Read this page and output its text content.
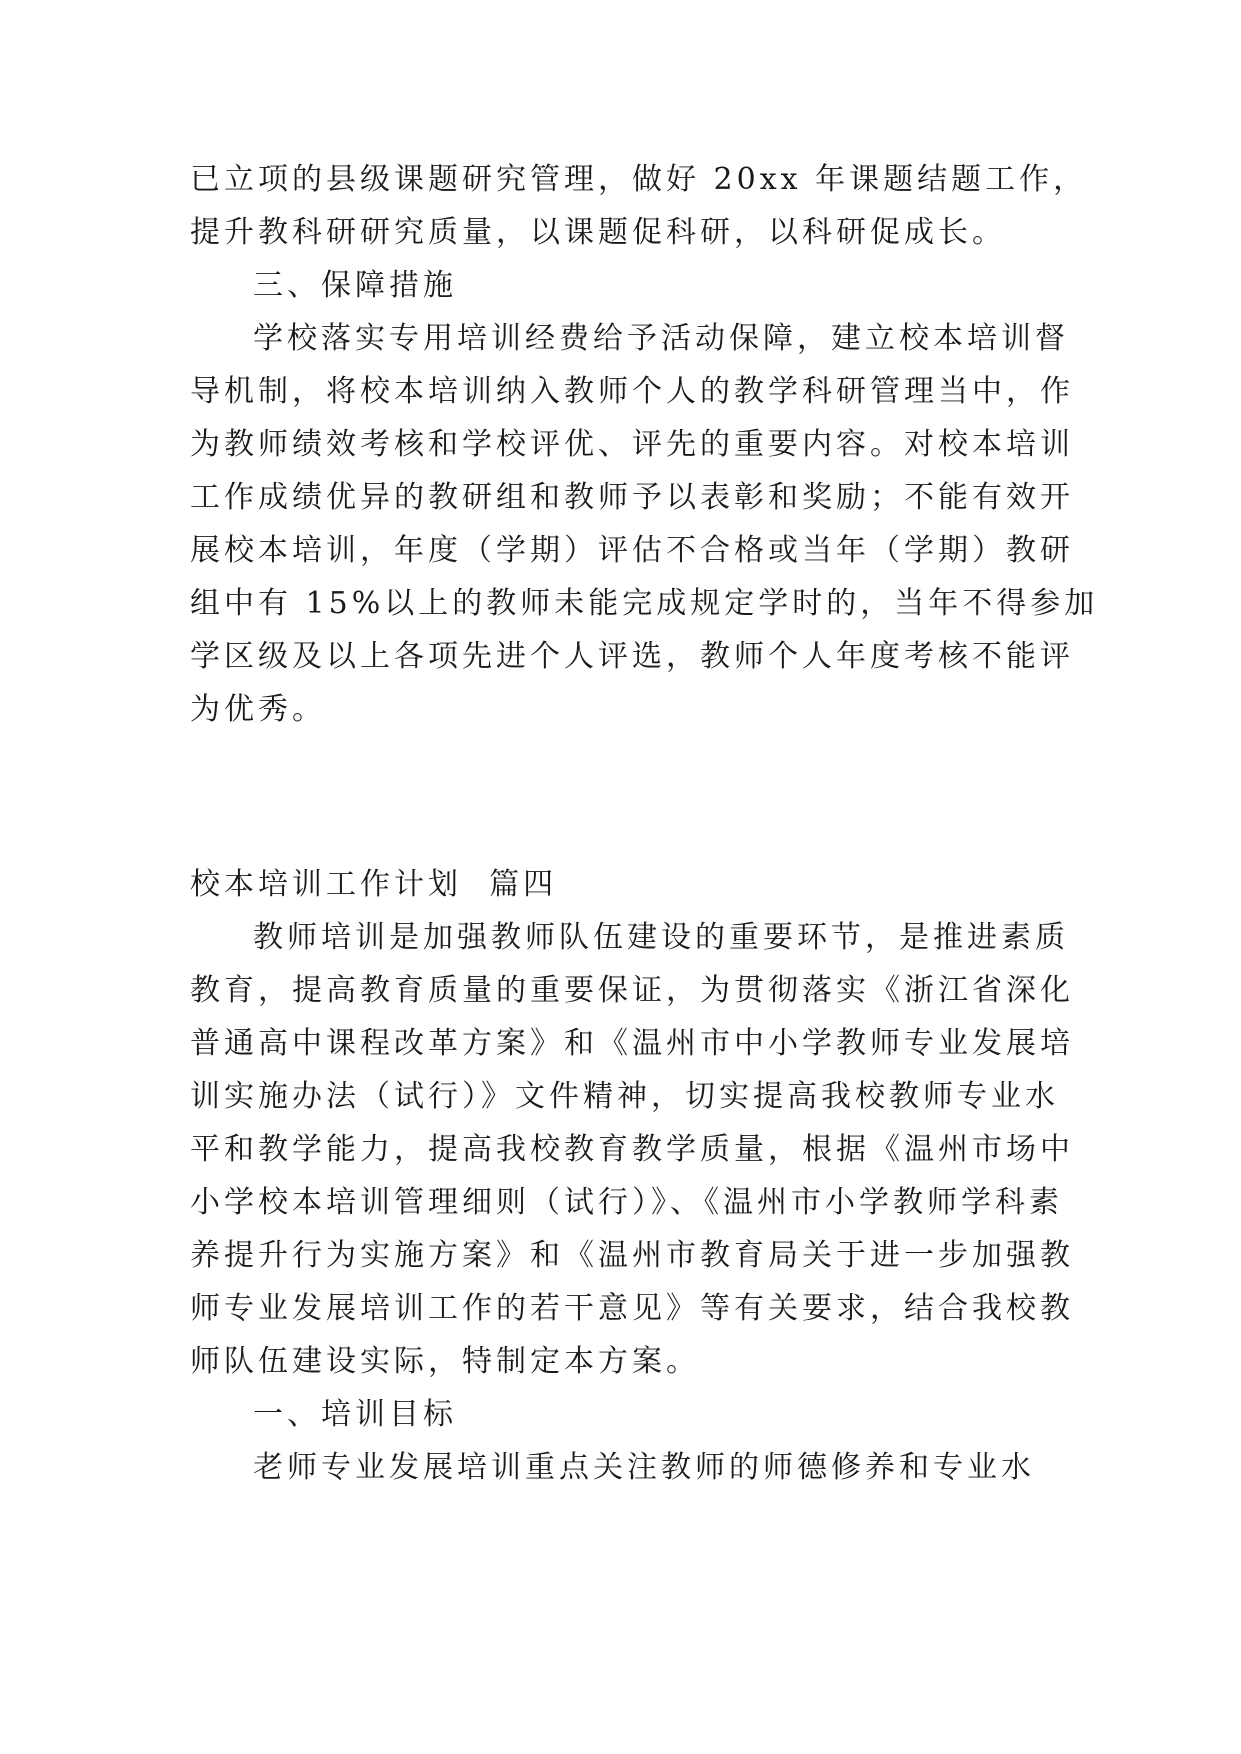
已立项的县级课题研究管理，做好 20xx 年课题结题工作，
提升教科研研究质量，以课题促科研，以科研促成长。
三、保障措施
学校落实专用培训经费给予活动保障，建立校本培训督
导机制，将校本培训纳入教师个人的教学科研管理当中，作
为教师绩效考核和学校评优、评先的重要内容。对校本培训
工作成绩优异的教研组和教师予以表彰和奖励；不能有效开
展校本培训，年度（学期）评估不合格或当年（学期）教研
组中有 15%以上的教师未能完成规定学时的，当年不得参加
学区级及以上各项先进个人评选，教师个人年度考核不能评
为优秀。
校本培训工作计划  篇四
教师培训是加强教师队伍建设的重要环节，是推进素质
教育，提高教育质量的重要保证，为贯彻落实《浙江省深化
普通高中课程改革方案》和《温州市中小学教师专业发展培
训实施办法（试行）》文件精神，切实提高我校教师专业水
平和教学能力，提高我校教育教学质量，根据《温州市场中
小学校本培训管理细则（试行）》、《温州市小学教师学科素
养提升行为实施方案》和《温州市教育局关于进一步加强教
师专业发展培训工作的若干意见》等有关要求，结合我校教
师队伍建设实际，特制定本方案。
一、培训目标
老师专业发展培训重点关注教师的师德修养和专业水
